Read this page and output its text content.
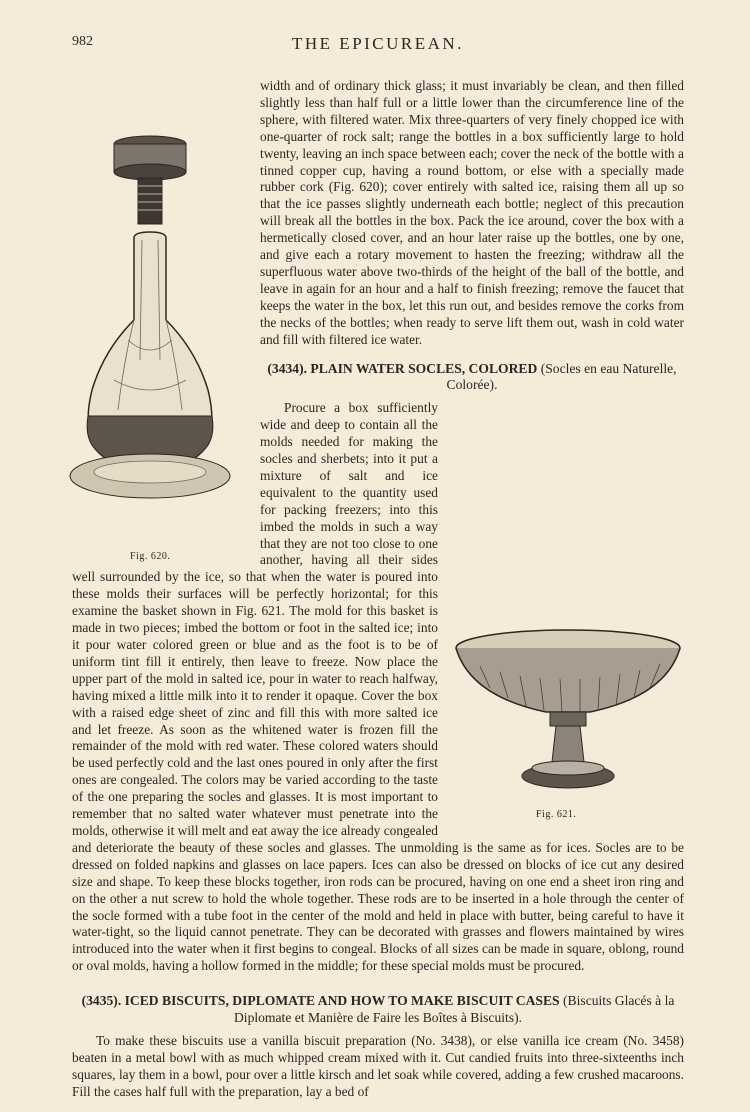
982	THE EPICUREAN.
Fig. 620.

width and of ordinary thick glass; it must invariably be clean, and then filled slightly less than half full or a little lower than the circumference line of the sphere, with filtered water. Mix three-quarters of very finely chopped ice with one-quarter of rock salt; range the bottles in a box sufficiently large to hold twenty, leaving an inch space between each; cover the neck of the bottle with a tinned copper cup, having a round bottom, or else with a specially made rubber cork (Fig. 620); cover entirely with salted ice, raising them all up so that the ice passes slightly underneath each bottle; neglect of this precaution will break all the bottles in the box. Pack the ice around, cover the box with a hermetically closed cover, and an hour later raise up the bottles, one by one, and give each a rotary movement to hasten the freezing; withdraw all the superfluous water above two-thirds of the height of the ball of the bottle, and leave in again for an hour and a half to finish freezing; remove the faucet that keeps the water in the box, let this run out, and besides remove the corks from the necks of the bottles; when ready to serve lift them out, wash in cold water and fill with filtered ice water.

(3434). PLAIN WATER SOCLES, COLORED (Socles en eau Naturelle, Colorée).
Fig. 621.

Procure a box sufficiently wide and deep to contain all the molds needed for making the socles and sherbets; into it put a mixture of salt and ice equivalent to the quantity used for packing freezers; into this imbed the molds in such a way that they are not too close to one another, having all their sides well surrounded by the ice, so that when the water is poured into these molds their surfaces will be perfectly horizontal; for this examine the basket shown in Fig. 621. The mold for this basket is made in two pieces; imbed the bottom or foot in the salted ice; into it pour water colored green or blue and as the foot is to be of uniform tint fill it entirely, then leave to freeze. Now place the upper part of the mold in salted ice, pour in water to reach halfway, having mixed a little milk into it to render it opaque. Cover the box with a raised edge sheet of zinc and fill this with more salted ice and let freeze. As soon as the whitened water is frozen fill the remainder of the mold with red water. These colored waters should be used perfectly cold and the last ones poured in only after the first ones are congealed. The colors may be varied according to the taste of the one preparing the socles and glasses. It is most important to remember that no salted water whatever must penetrate into the molds, otherwise it will melt and eat away the ice already congealed and deteriorate the beauty of these socles and glasses. The unmolding is the same as for ices. Socles are to be dressed on folded napkins and glasses on lace papers. Ices can also be dressed on blocks of ice cut any desired size and shape. To keep these blocks together, iron rods can be procured, having on one end a sheet iron ring and on the other a nut screw to hold the whole together. These rods are to be inserted in a hole through the center of the socle formed with a tube foot in the center of the mold and held in place with butter, being careful to have it water-tight, so the liquid cannot penetrate. They can be decorated with grasses and flowers maintained by wires introduced into the water when it first begins to congeal. Blocks of all sizes can be made in square, oblong, round or oval molds, having a hollow formed in the middle; for these special molds must be procured.

(3435). ICED BISCUITS, DIPLOMATE AND HOW TO MAKE BISCUIT CASES (Biscuits Glacés à la Diplomate et Manière de Faire les Boîtes à Biscuits).

To make these biscuits use a vanilla biscuit preparation (No. 3438), or else vanilla ice cream (No. 3458) beaten in a metal bowl with as much whipped cream mixed with it. Cut candied fruits into three-sixteenths inch squares, lay them in a bowl, pour over a little kirsch and let soak while covered, adding a few crushed macaroons. Fill the cases half full with the preparation, lay a bed of
